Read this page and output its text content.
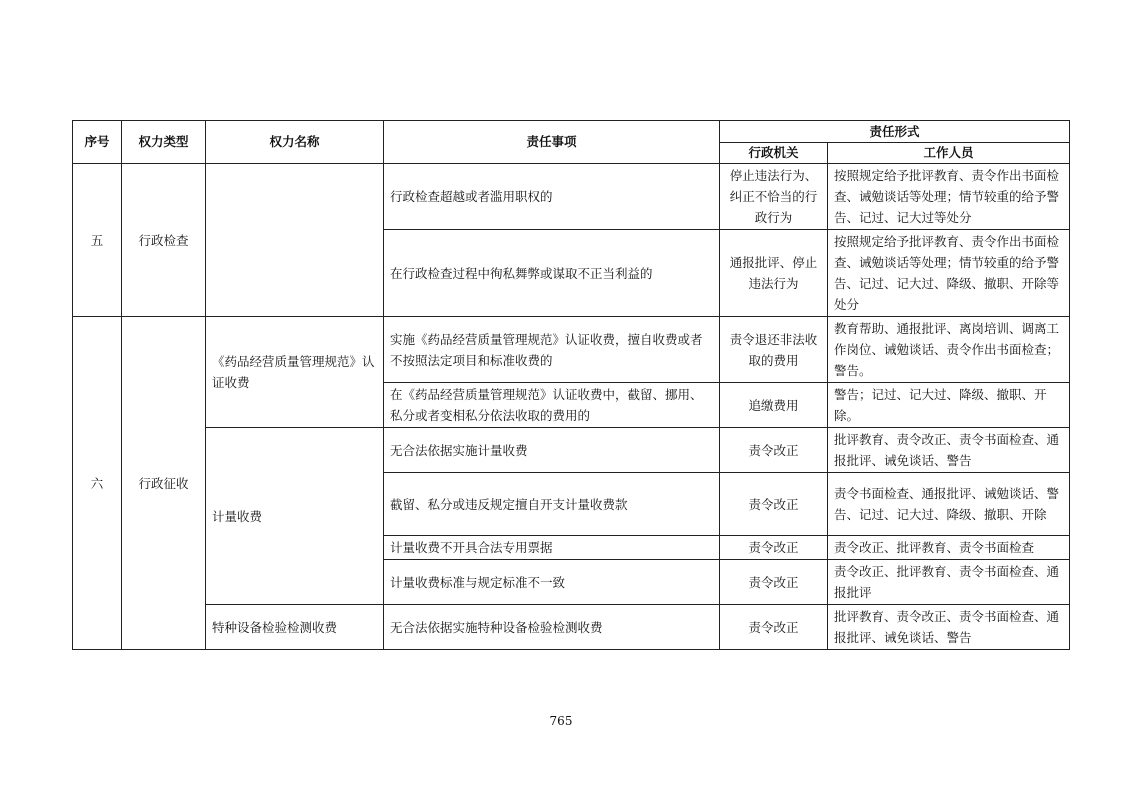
序号	权力类型	权力名称	责任事项	责任形式	
				行政机关	工作人员
五	行政检查		行政检查超越或者滥用职权的	停止违法行为、纠正不恰当的行政行为	按照规定给予批评教育、责令作出书面检查、诫勉谈话等处理；情节较重的给予警告、记过、记大过等处分
			在行政检查过程中徇私舞弊或谋取不正当利益的	通报批评、停止违法行为	按照规定给予批评教育、责令作出书面检查、诫勉谈话等处理；情节较重的给予警告、记过、记大过、降级、撤职、开除等处分
六	行政征收	《药品经营质量管理规范》认证收费	实施《药品经营质量管理规范》认证收费，擅自收费或者不按照法定项目和标准收费的	责令退还非法收取的费用	教育帮助、通报批评、离岗培训、调离工作岗位、诫勉谈话、责令作出书面检查；警告。
			在《药品经营质量管理规范》认证收费中，截留、挪用、私分或者变相私分依法收取的费用的	追缴费用	警告；记过、记大过、降级、撤职、开除。
		计量收费	无合法依据实施计量收费	责令改正	批评教育、责令改正、责令书面检查、通报批评、诫免谈话、警告
			截留、私分或违反规定擅自开支计量收费款	责令改正	责令书面检查、通报批评、诫勉谈话、警告、记过、记大过、降级、撤职、开除
			计量收费不开具合法专用票据	责令改正	责令改正、批评教育、责令书面检查
			计量收费标准与规定标准不一致	责令改正	责令改正、批评教育、责令书面检查、通报批评
		特种设备检验检测收费	无合法依据实施特种设备检验检测收费	责令改正	批评教育、责令改正、责令书面检查、通报批评、诫免谈话、警告
765
